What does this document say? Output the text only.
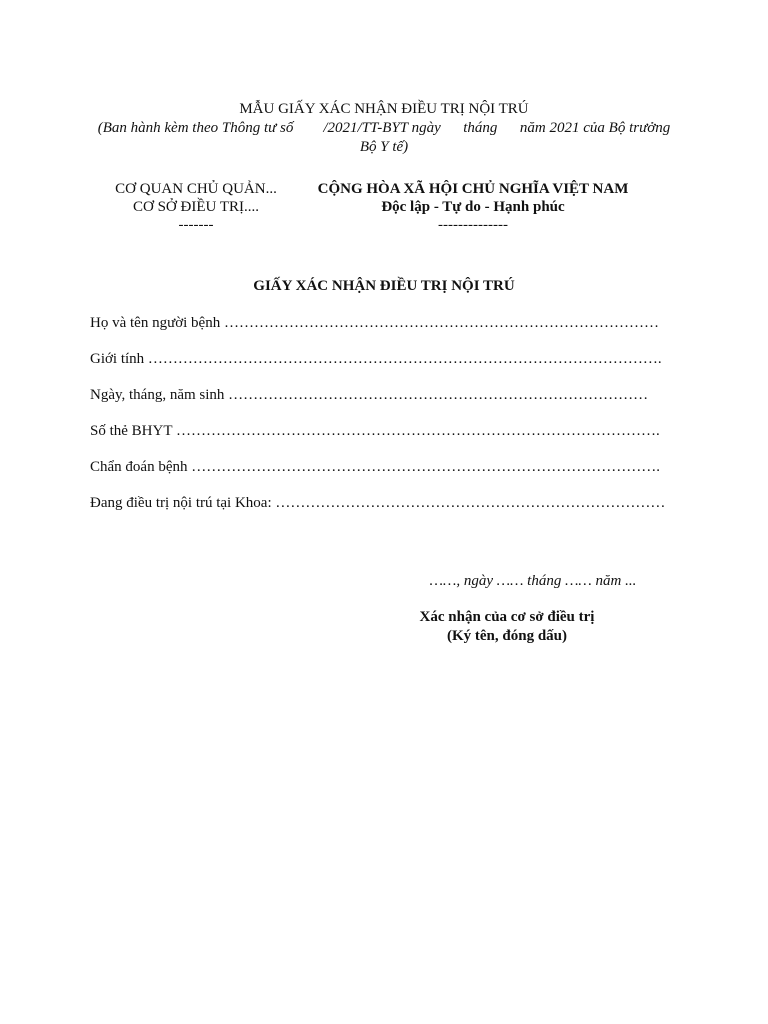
MẪU GIẤY XÁC NHẬN ĐIỀU TRỊ NỘI TRÚ
(Ban hành kèm theo Thông tư số        /2021/TT-BYT ngày      tháng      năm 2021 của Bộ trưởng
Bộ Y tế)
CƠ QUAN CHỦ QUẢN...
CƠ SỞ ĐIỀU TRỊ....
-------
CỘNG HÒA XÃ HỘI CHỦ NGHĨA VIỆT NAM
Độc lập - Tự do - Hạnh phúc
--------------
GIẤY XÁC NHẬN ĐIỀU TRỊ NỘI TRÚ
Họ và tên người bệnh ……………………………………………………………………………
Giới tính ………………………………………………………………………………………….
Ngày, tháng, năm sinh …………………………………………………………………………
Số thẻ BHYT …………………………………………………………………………………….
Chẩn đoán bệnh ………………………………………………………………………………….
Đang điều trị nội trú tại Khoa: ……………………………………………………………………
……, ngày …… tháng …… năm ...
Xác nhận của cơ sở điều trị
(Ký tên, đóng dấu)
